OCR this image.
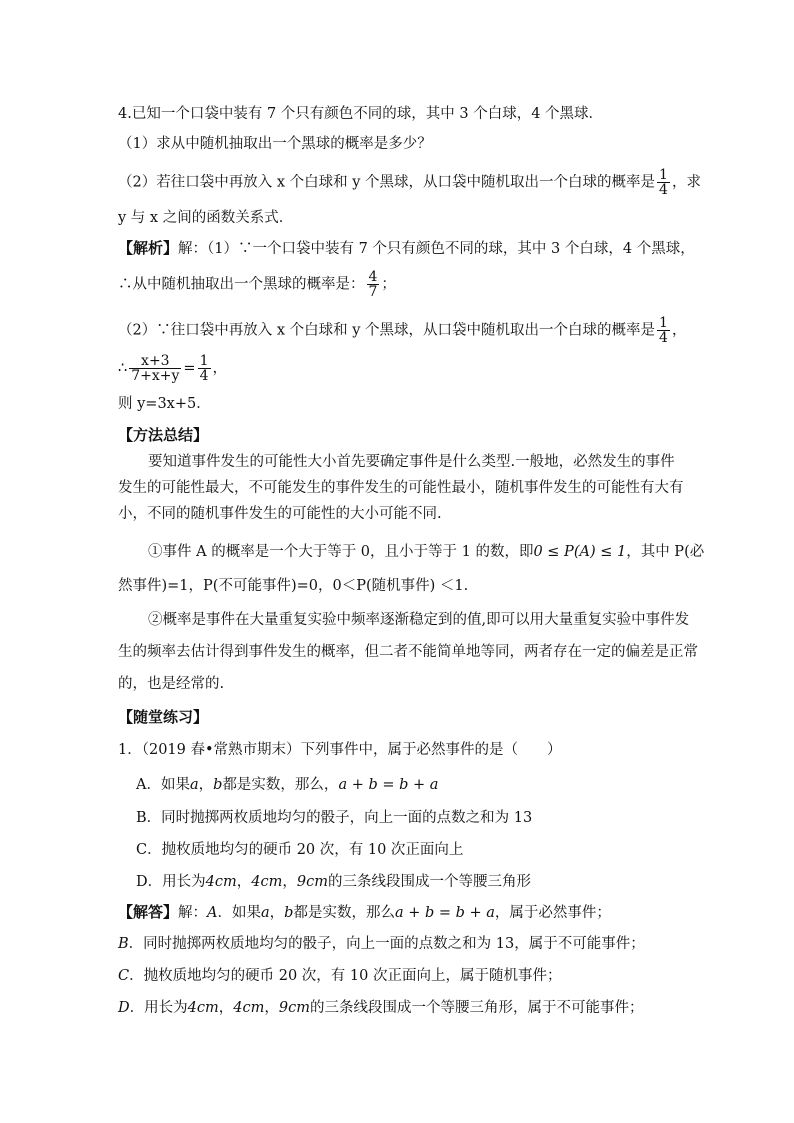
4.已知一个口袋中装有 7 个只有颜色不同的球，其中 3 个白球，4 个黑球．
（1）求从中随机抽取出一个黑球的概率是多少？
（2）若往口袋中再放入 x 个白球和 y 个黑球，从口袋中随机取出一个白球的概率是 $\frac{1}{4}$ ，求
y 与 x 之间的函数关系式．
【解析】解：（1）∵一个口袋中装有 7 个只有颜色不同的球，其中 3 个白球，4 个黑球，
∴从中随机抽取出一个黑球的概率是： $\frac{4}{7}$ ；
（2）∵往口袋中再放入 x 个白球和 y 个黑球，从口袋中随机取出一个白球的概率是 $\frac{1}{4}$ ，
∴ $\frac{x+3}{7+x+y} = \frac{1}{4}$ ，
则 y=3x+5．
【方法总结】
要知道事件发生的可能性大小首先要确定事件是什么类型.一般地，必然发生的事件
发生的可能性最大，不可能发生的事件发生的可能性最小，随机事件发生的可能性有大有
小，不同的随机事件发生的可能性的大小可能不同.
①事件 A 的概率是一个大于等于 0，且小于等于 1 的数，即0 ≤ P(A) ≤ 1，其中 P(必
然事件)=1，P(不可能事件)=0，0＜P(随机事件) ＜1.
②概率是事件在大量重复实验中频率逐渐稳定到的值,即可以用大量重复实验中事件发
生的频率去估计得到事件发生的概率，但二者不能简单地等同，两者存在一定的偏差是正常
的，也是经常的.
【随堂练习】
1．（2019 春•常熟市期末）下列事件中，属于必然事件的是（　　）
A．如果a，b都是实数，那么，a + b = b + a
B．同时抛掷两枚质地均匀的骰子，向上一面的点数之和为 13
C．抛枚质地均匀的硬币 20 次，有 10 次正面向上
D．用长为4cm，4cm，9cm的三条线段围成一个等腰三角形
【解答】解：A．如果a，b都是实数，那么a + b = b + a，属于必然事件；
B．同时抛掷两枚质地均匀的骰子，向上一面的点数之和为 13，属于不可能事件；
C．抛枚质地均匀的硬币 20 次，有 10 次正面向上，属于随机事件；
D．用长为4cm，4cm，9cm的三条线段围成一个等腰三角形，属于不可能事件；
